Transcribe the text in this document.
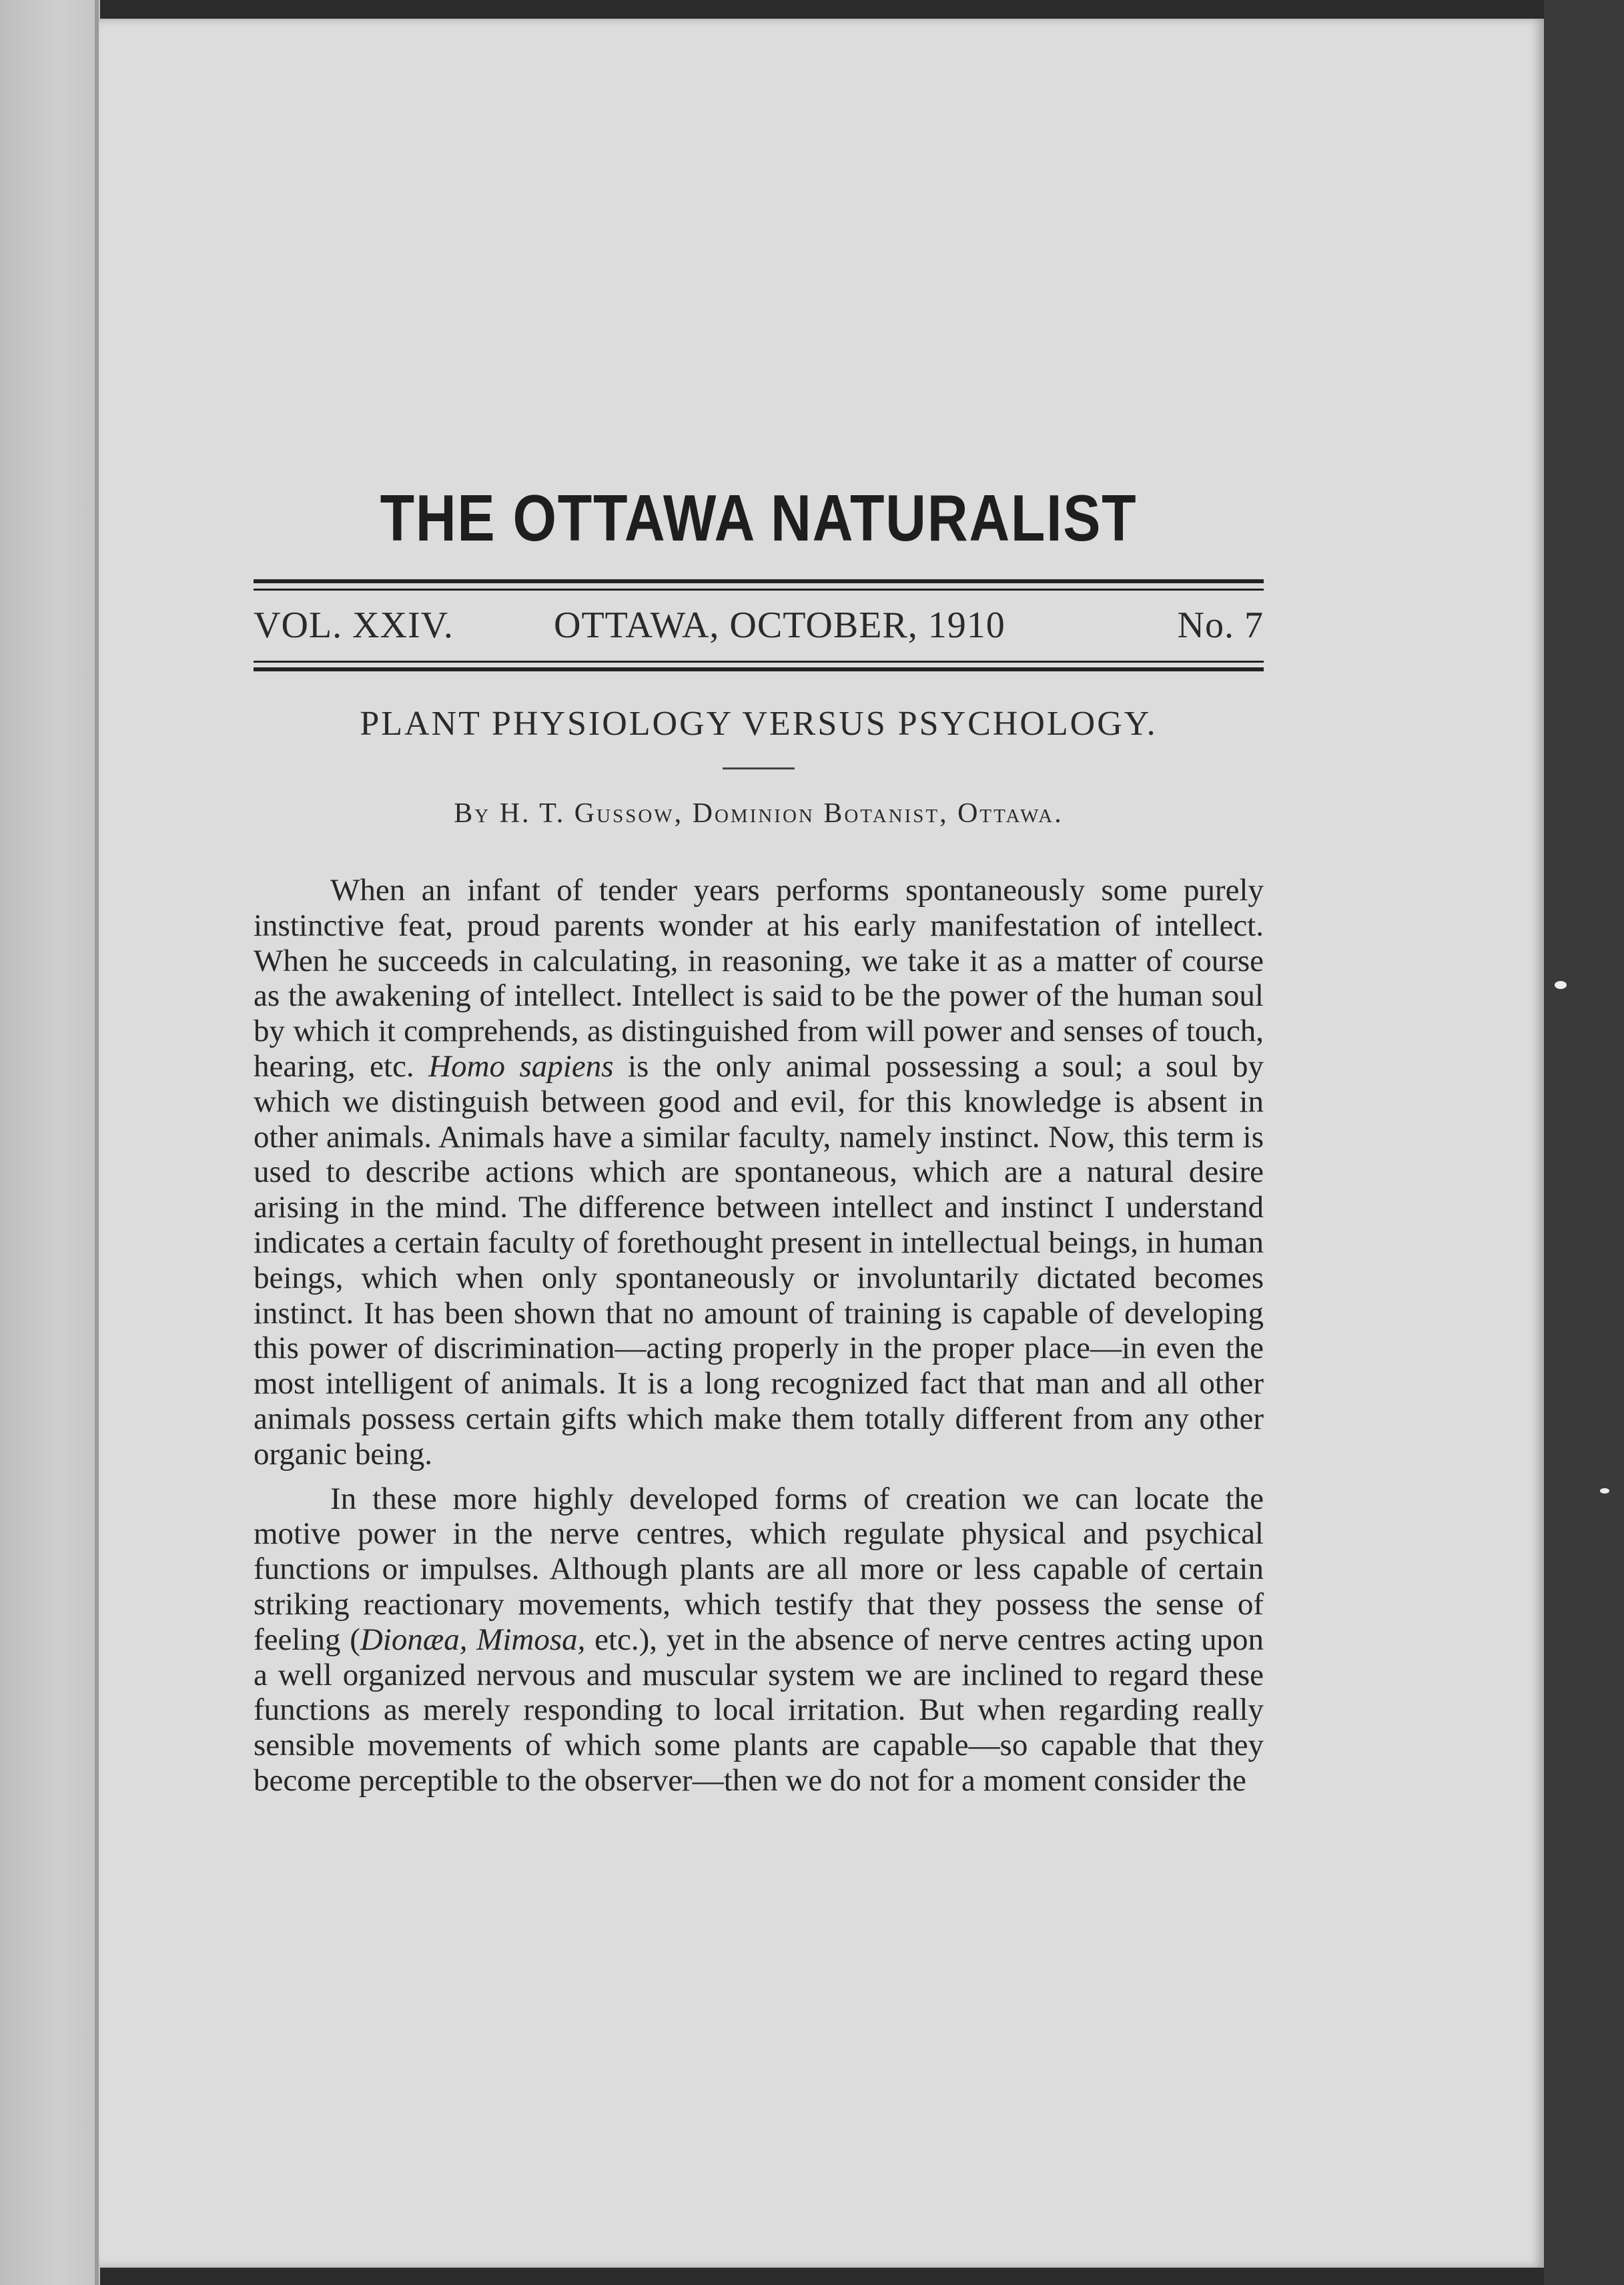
THE OTTAWA NATURALIST
VOL. XXIV.	OTTAWA, OCTOBER, 1910	No. 7
PLANT PHYSIOLOGY VERSUS PSYCHOLOGY.
By H. T. Gussow, Dominion Botanist, Ottawa.

When an infant of tender years performs spontaneously some purely instinctive feat, proud parents wonder at his early manifestation of intellect. When he succeeds in calculating, in reasoning, we take it as a matter of course as the awakening of intellect. Intellect is said to be the power of the human soul by which it comprehends, as distinguished from will power and senses of touch, hearing, etc. Homo sapiens is the only animal possessing a soul; a soul by which we distinguish between good and evil, for this knowledge is absent in other animals. Animals have a similar faculty, namely instinct. Now, this term is used to describe actions which are spontaneous, which are a natural desire arising in the mind. The difference between intellect and instinct I understand indicates a certain faculty of forethought present in intellectual beings, in human beings, which when only spontaneously or involuntarily dictated becomes instinct. It has been shown that no amount of training is capable of developing this power of discrimination—acting properly in the proper place—in even the most intelligent of animals. It is a long recognized fact that man and all other animals possess certain gifts which make them totally different from any other organic being.

In these more highly developed forms of creation we can locate the motive power in the nerve centres, which regulate physical and psychical functions or impulses. Although plants are all more or less capable of certain striking reactionary movements, which testify that they possess the sense of feeling (Dionæa, Mimosa, etc.), yet in the absence of nerve centres acting upon a well organized nervous and muscular system we are inclined to regard these functions as merely responding to local irritation. But when regarding really sensible movements of which some plants are capable—so capable that they become perceptible to the observer—then we do not for a moment consider the
